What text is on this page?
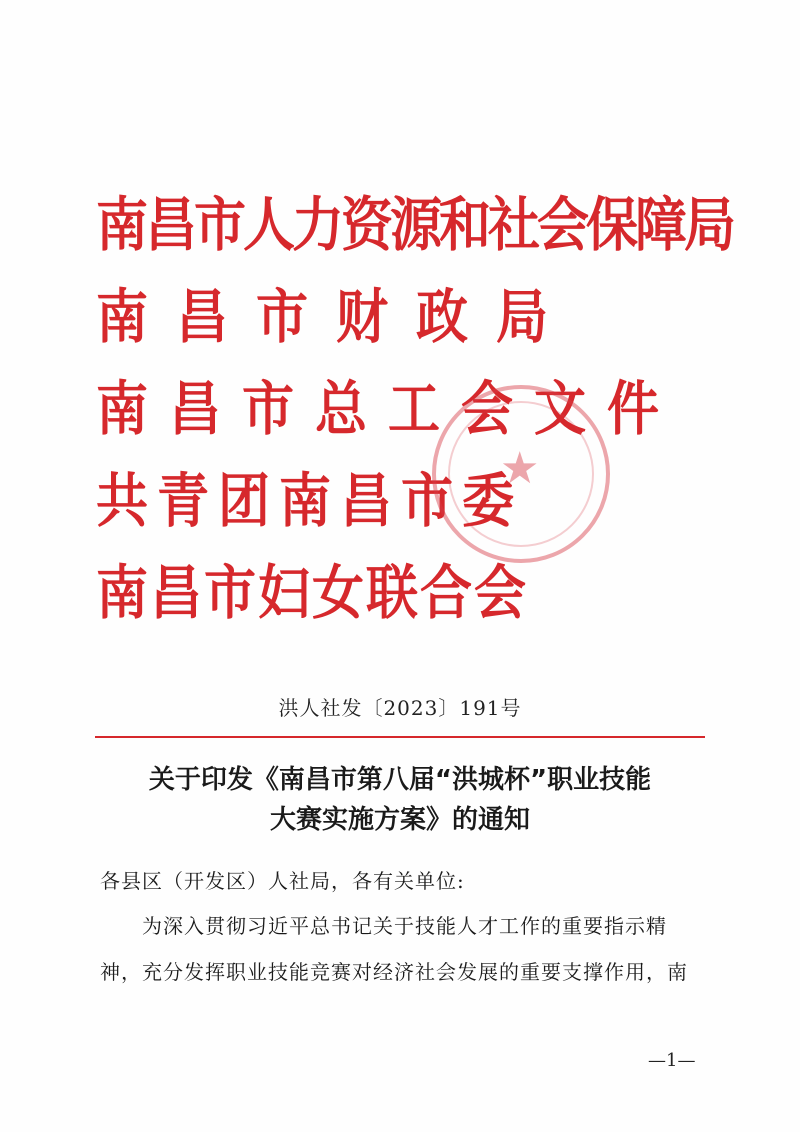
南昌市人力资源和社会保障局
南昌市财政局
南昌市总工会文件
共青团南昌市委
南昌市妇女联合会
★
洪人社发〔2023〕191号
关于印发《南昌市第八届“洪城杯”职业技能
大赛实施方案》的通知
各县区（开发区）人社局，各有关单位:
为深入贯彻习近平总书记关于技能人才工作的重要指示精
神，充分发挥职业技能竞赛对经济社会发展的重要支撑作用，南
—1—
